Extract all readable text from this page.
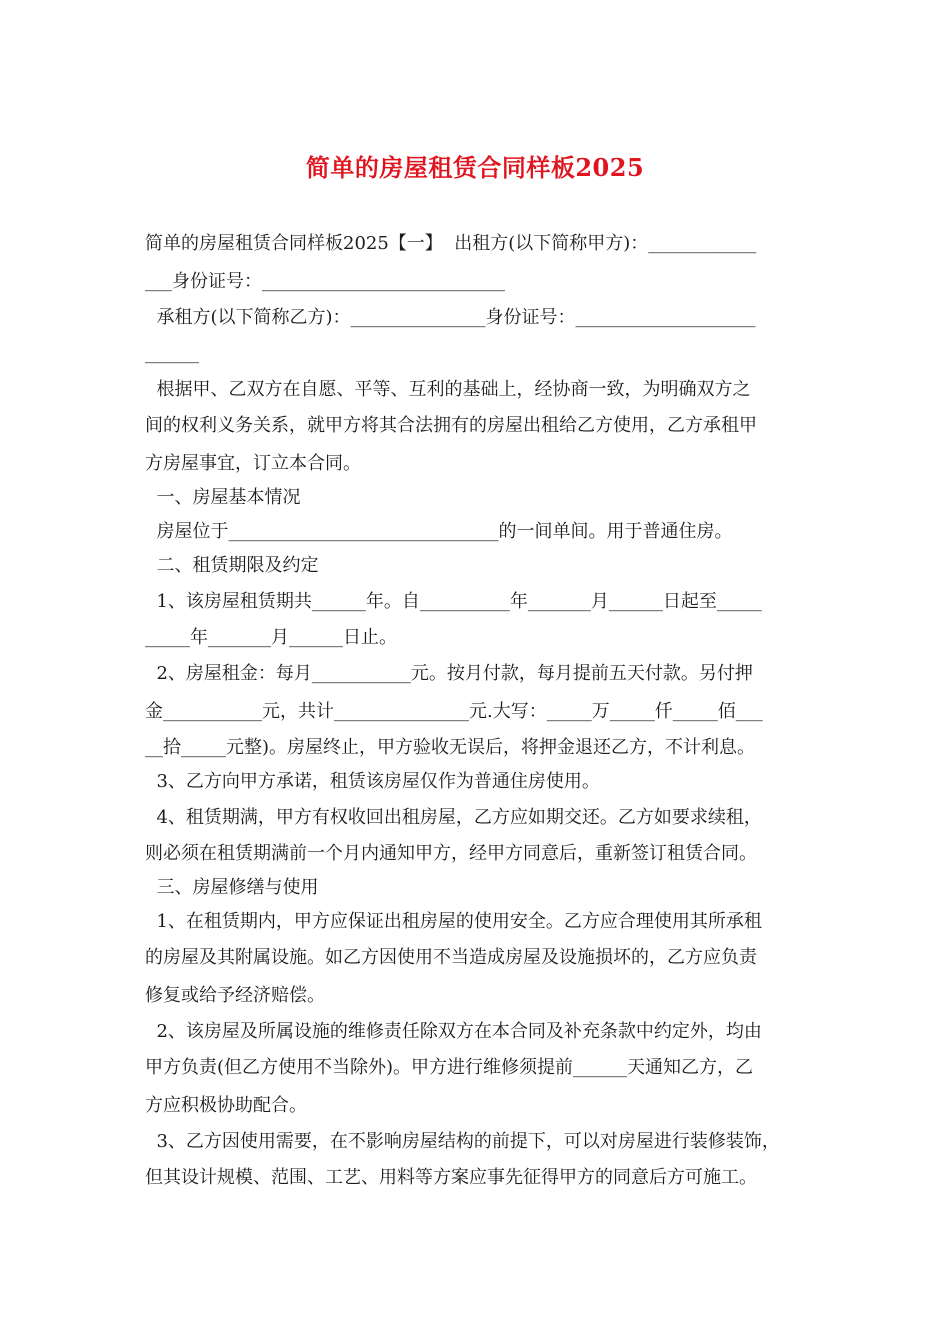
简单的房屋租赁合同样板2025
简单的房屋租赁合同样板2025【一】  出租方(以下简称甲方)：____________
___身份证号：___________________________
承租方(以下简称乙方)：_______________身份证号：____________________
______
根据甲、乙双方在自愿、平等、互利的基础上，经协商一致，为明确双方之
间的权利义务关系，就甲方将其合法拥有的房屋出租给乙方使用，乙方承租甲
方房屋事宜，订立本合同。
一、房屋基本情况
房屋位于______________________________的一间单间。用于普通住房。
二、租赁期限及约定
1、该房屋租赁期共______年。自__________年_______月______日起至_____
_____年_______月______日止。
2、房屋租金：每月___________元。按月付款，每月提前五天付款。另付押
金___________元，共计_______________元.大写：_____万_____仟_____佰___
__拾_____元整)。房屋终止，甲方验收无误后，将押金退还乙方，不计利息。
3、乙方向甲方承诺，租赁该房屋仅作为普通住房使用。
4、租赁期满，甲方有权收回出租房屋，乙方应如期交还。乙方如要求续租，
则必须在租赁期满前一个月内通知甲方，经甲方同意后，重新签订租赁合同。
三、房屋修缮与使用
1、在租赁期内，甲方应保证出租房屋的使用安全。乙方应合理使用其所承租
的房屋及其附属设施。如乙方因使用不当造成房屋及设施损坏的，乙方应负责
修复或给予经济赔偿。
2、该房屋及所属设施的维修责任除双方在本合同及补充条款中约定外，均由
甲方负责(但乙方使用不当除外)。甲方进行维修须提前______天通知乙方，乙
方应积极协助配合。
3、乙方因使用需要，在不影响房屋结构的前提下，可以对房屋进行装修装饰，
但其设计规模、范围、工艺、用料等方案应事先征得甲方的同意后方可施工。
